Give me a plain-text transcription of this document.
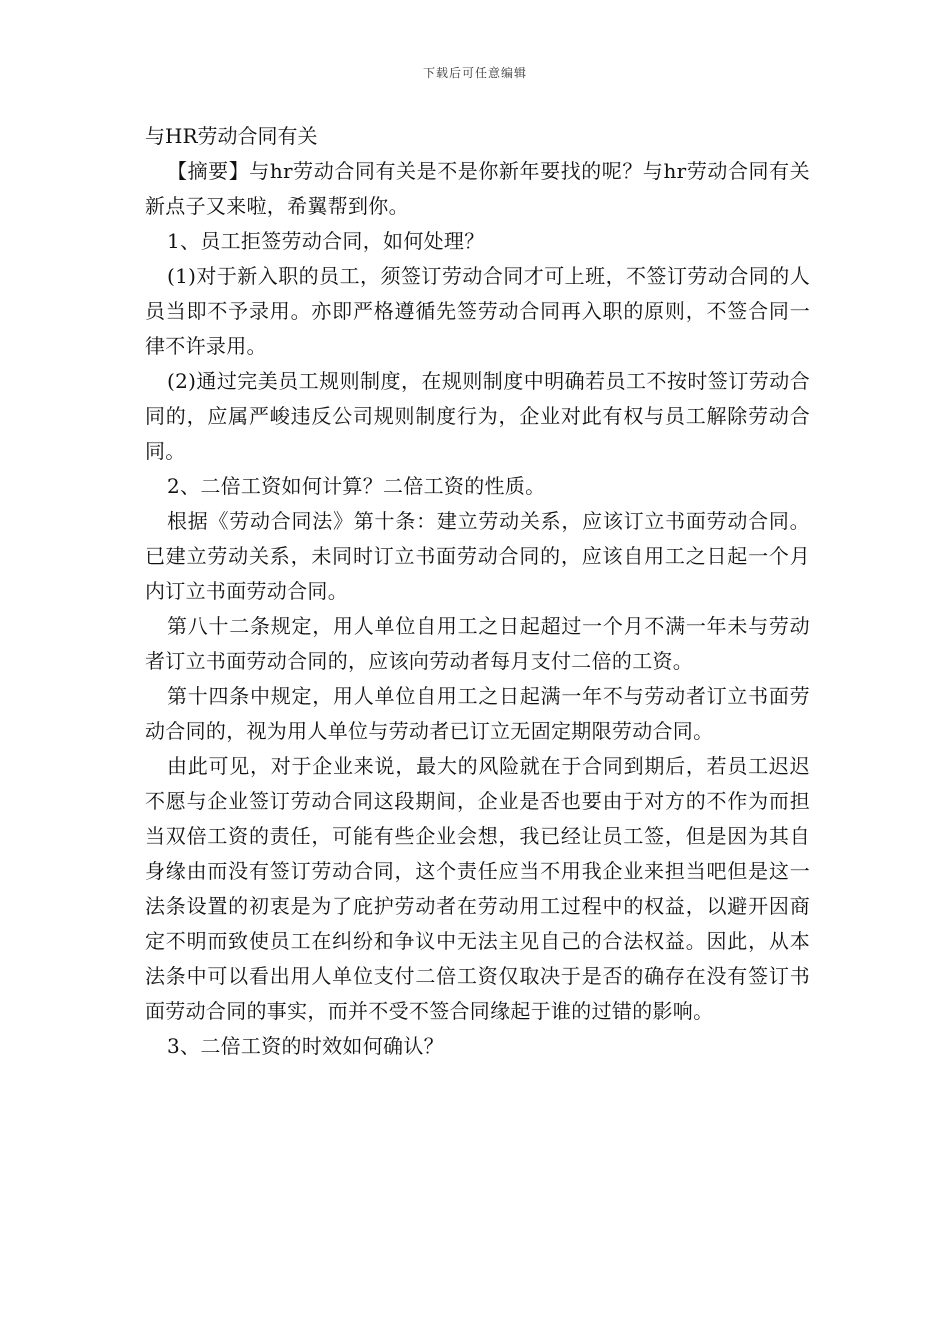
下载后可任意编辑
与HR劳动合同有关

【摘要】与hr劳动合同有关是不是你新年要找的呢？与hr劳动合同有关新点子又来啦，希翼帮到你。

1、员工拒签劳动合同，如何处理？

(1)对于新入职的员工，须签订劳动合同才可上班，不签订劳动合同的人员当即不予录用。亦即严格遵循先签劳动合同再入职的原则，不签合同一律不许录用。

(2)通过完美员工规则制度，在规则制度中明确若员工不按时签订劳动合同的，应属严峻违反公司规则制度行为，企业对此有权与员工解除劳动合同。

2、二倍工资如何计算？二倍工资的性质。

根据《劳动合同法》第十条：建立劳动关系，应该订立书面劳动合同。已建立劳动关系，未同时订立书面劳动合同的，应该自用工之日起一个月内订立书面劳动合同。

第八十二条规定，用人单位自用工之日起超过一个月不满一年未与劳动者订立书面劳动合同的，应该向劳动者每月支付二倍的工资。

第十四条中规定，用人单位自用工之日起满一年不与劳动者订立书面劳动合同的，视为用人单位与劳动者已订立无固定期限劳动合同。

由此可见，对于企业来说，最大的风险就在于合同到期后，若员工迟迟不愿与企业签订劳动合同这段期间，企业是否也要由于对方的不作为而担当双倍工资的责任，可能有些企业会想，我已经让员工签，但是因为其自身缘由而没有签订劳动合同，这个责任应当不用我企业来担当吧但是这一法条设置的初衷是为了庇护劳动者在劳动用工过程中的权益，以避开因商定不明而致使员工在纠纷和争议中无法主见自己的合法权益。因此，从本法条中可以看出用人单位支付二倍工资仅取决于是否的确存在没有签订书面劳动合同的事实，而并不受不签合同缘起于谁的过错的影响。

3、二倍工资的时效如何确认？
